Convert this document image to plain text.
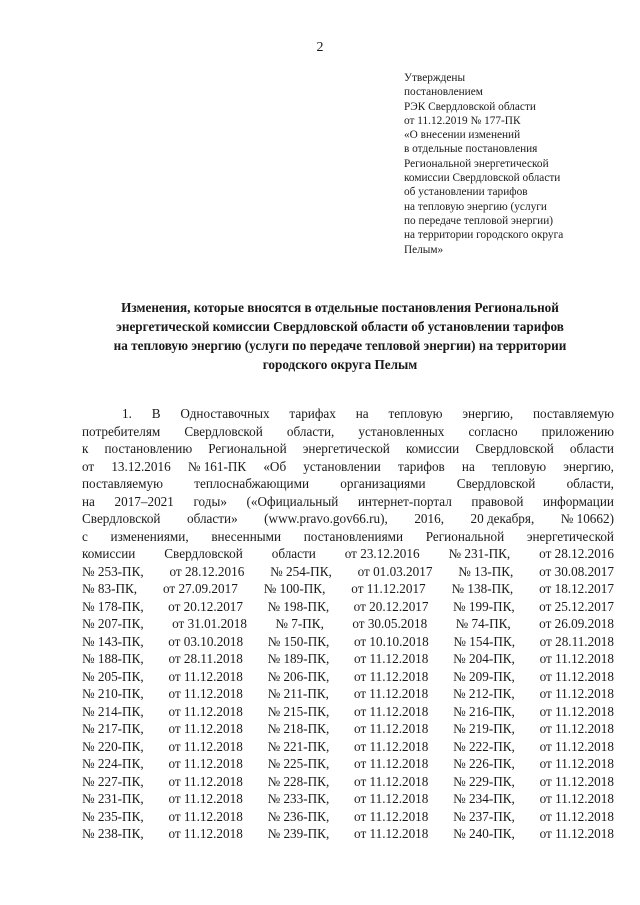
2
Утверждены
постановлением
РЭК Свердловской области
от 11.12.2019 № 177-ПК
«О внесении изменений
в отдельные постановления
Региональной энергетической
комиссии Свердловской области
об установлении тарифов
на тепловую энергию (услуги
по передаче тепловой энергии)
на территории городского округа
Пелым»
Изменения, которые вносятся в отдельные постановления Региональной
энергетической комиссии Свердловской области об установлении тарифов
на тепловую энергию (услуги по передаче тепловой энергии) на территории
городского округа Пелым
1. В Одноставочных тарифах на тепловую энергию, поставляемую
потребителям Свердловской области, установленных согласно приложению
к постановлению Региональной энергетической комиссии Свердловской области
от 13.12.2016 № 161-ПК «Об установлении тарифов на тепловую энергию,
поставляемую теплоснабжающими организациями Свердловской области,
на 2017–2021 годы» («Официальный интернет-портал правовой информации
Свердловской области» (www.pravo.gov66.ru), 2016, 20 декабря, № 10662)
с изменениями, внесенными постановлениями Региональной энергетической
комиссии Свердловской области от 23.12.2016 № 231-ПК, от 28.12.2016
№ 253-ПК, от 28.12.2016 № 254-ПК, от 01.03.2017 № 13-ПК, от 30.08.2017
№ 83-ПК, от 27.09.2017 № 100-ПК, от 11.12.2017 № 138-ПК, от 18.12.2017
№ 178-ПК, от 20.12.2017 № 198-ПК, от 20.12.2017 № 199-ПК, от 25.12.2017
№ 207-ПК, от 31.01.2018 № 7-ПК, от 30.05.2018 № 74-ПК, от 26.09.2018
№ 143-ПК, от 03.10.2018 № 150-ПК, от 10.10.2018 № 154-ПК, от 28.11.2018
№ 188-ПК, от 28.11.2018 № 189-ПК, от 11.12.2018 № 204-ПК, от 11.12.2018
№ 205-ПК, от 11.12.2018 № 206-ПК, от 11.12.2018 № 209-ПК, от 11.12.2018
№ 210-ПК, от 11.12.2018 № 211-ПК, от 11.12.2018 № 212-ПК, от 11.12.2018
№ 214-ПК, от 11.12.2018 № 215-ПК, от 11.12.2018 № 216-ПК, от 11.12.2018
№ 217-ПК, от 11.12.2018 № 218-ПК, от 11.12.2018 № 219-ПК, от 11.12.2018
№ 220-ПК, от 11.12.2018 № 221-ПК, от 11.12.2018 № 222-ПК, от 11.12.2018
№ 224-ПК, от 11.12.2018 № 225-ПК, от 11.12.2018 № 226-ПК, от 11.12.2018
№ 227-ПК, от 11.12.2018 № 228-ПК, от 11.12.2018 № 229-ПК, от 11.12.2018
№ 231-ПК, от 11.12.2018 № 233-ПК, от 11.12.2018 № 234-ПК, от 11.12.2018
№ 235-ПК, от 11.12.2018 № 236-ПК, от 11.12.2018 № 237-ПК, от 11.12.2018
№ 238-ПК, от 11.12.2018 № 239-ПК, от 11.12.2018 № 240-ПК, от 11.12.2018
